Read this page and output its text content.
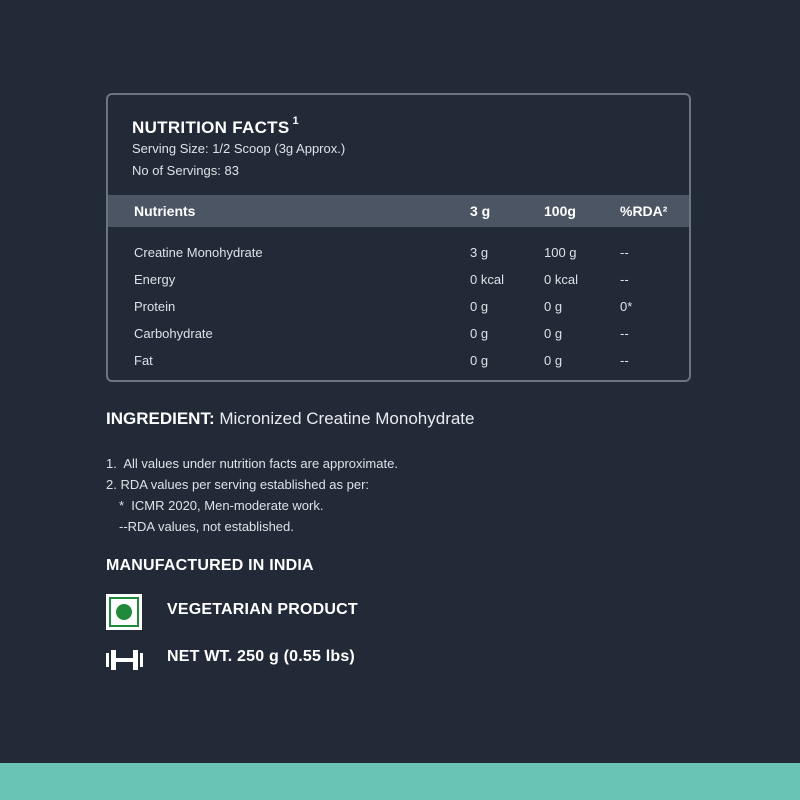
NUTRITION FACTS $^1$
Serving Size: 1/2 Scoop (3g Approx.)
No of Servings: 83
Nutrients	3 g	100g	%RDA²
Creatine Monohydrate	3 g	100 g	--
Energy	0 kcal	0 kcal	--
Protein	0 g	0 g	0*
Carbohydrate	0 g	0 g	--
Fat	0 g	0 g	--
INGREDIENT: Micronized Creatine Monohydrate
1.  All values under nutrition facts are approximate.
2. RDA values per serving established as per:
*  ICMR 2020, Men-moderate work.
--RDA values, not established.
MANUFACTURED IN INDIA
VEGETARIAN PRODUCT
NET WT. 250 g (0.55 lbs)
